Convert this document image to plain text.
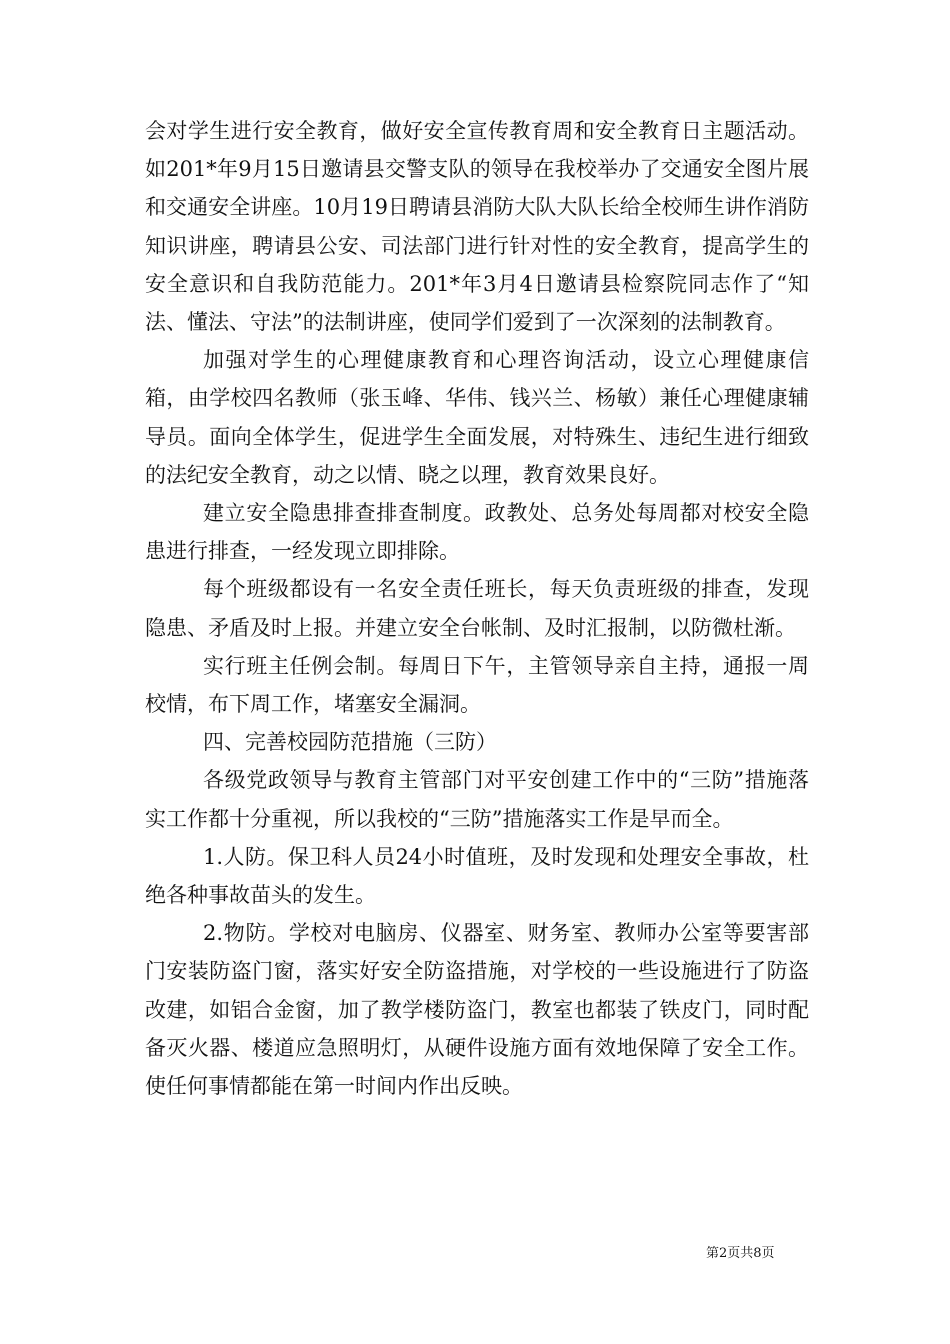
会对学生进行安全教育，做好安全宣传教育周和安全教育日主题活动。如201*年9月15日邀请县交警支队的领导在我校举办了交通安全图片展和交通安全讲座。10月19日聘请县消防大队大队长给全校师生讲作消防知识讲座，聘请县公安、司法部门进行针对性的安全教育，提高学生的安全意识和自我防范能力。201*年3月4日邀请县检察院同志作了“知法、懂法、守法”的法制讲座，使同学们爱到了一次深刻的法制教育。

加强对学生的心理健康教育和心理咨询活动，设立心理健康信箱，由学校四名教师（张玉峰、华伟、钱兴兰、杨敏）兼任心理健康辅导员。面向全体学生，促进学生全面发展，对特殊生、违纪生进行细致的法纪安全教育，动之以情、晓之以理，教育效果良好。

建立安全隐患排查排查制度。政教处、总务处每周都对校安全隐患进行排查，一经发现立即排除。

每个班级都设有一名安全责任班长，每天负责班级的排查，发现隐患、矛盾及时上报。并建立安全台帐制、及时汇报制，以防微杜渐。

实行班主任例会制。每周日下午，主管领导亲自主持，通报一周校情，布下周工作，堵塞安全漏洞。

四、完善校园防范措施（三防）

各级党政领导与教育主管部门对平安创建工作中的“三防”措施落实工作都十分重视，所以我校的“三防”措施落实工作是早而全。

1.人防。保卫科人员24小时值班，及时发现和处理安全事故，杜绝各种事故苗头的发生。

2.物防。学校对电脑房、仪器室、财务室、教师办公室等要害部门安装防盗门窗，落实好安全防盗措施，对学校的一些设施进行了防盗改建，如铝合金窗，加了教学楼防盗门，教室也都装了铁皮门，同时配备灭火器、楼道应急照明灯，从硬件设施方面有效地保障了安全工作。使任何事情都能在第一时间内作出反映。

第2页共8页
